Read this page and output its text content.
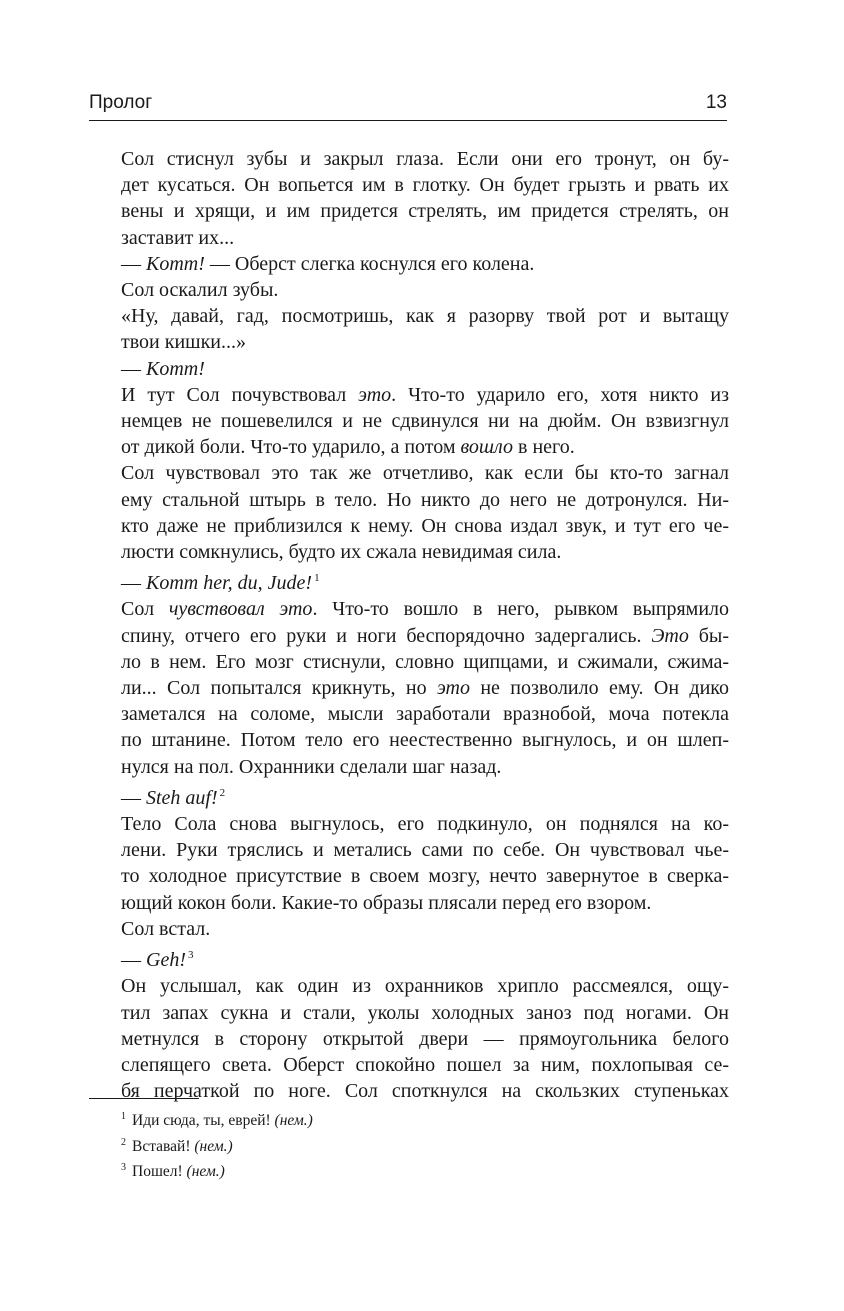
Пролог	13

Сол стиснул зубы и закрыл глаза. Если они его тронут, он бу-
дет кусаться. Он вопьется им в глотку. Он будет грызть и рвать их
вены и хрящи, и им придется стрелять, им придется стрелять, он
заставит их...

— Komm! — Оберст слегка коснулся его колена.

Сол оскалил зубы.

«Ну, давай, гад, посмотришь, как я разорву твой рот и вытащу
твои кишки...»

— Komm!

И тут Сол почувствовал это. Что-то ударило его, хотя никто из
немцев не пошевелился и не сдвинулся ни на дюйм. Он взвизгнул
от дикой боли. Что-то ударило, а потом вошло в него.

Сол чувствовал это так же отчетливо, как если бы кто-то загнал
ему стальной штырь в тело. Но никто до него не дотронулся. Ни-
кто даже не приблизился к нему. Он снова издал звук, и тут его че-
люсти сомкнулись, будто их сжала невидимая сила.

— Komm her, du, Jude! $^1$

Сол чувствовал это. Что-то вошло в него, рывком выпрямило
спину, отчего его руки и ноги беспорядочно задергались. Это бы-
ло в нем. Его мозг стиснули, словно щипцами, и сжимали, сжима-
ли... Сол попытался крикнуть, но это не позволило ему. Он дико
заметался на соломе, мысли заработали вразнобой, моча потекла
по штанине. Потом тело его неестественно выгнулось, и он шлеп-
нулся на пол. Охранники сделали шаг назад.

— Steh auf! $^2$

Тело Сола снова выгнулось, его подкинуло, он поднялся на ко-
лени. Руки тряслись и метались сами по себе. Он чувствовал чье-
то холодное присутствие в своем мозгу, нечто завернутое в сверка-
ющий кокон боли. Какие-то образы плясали перед его взором.

Сол встал.

— Geh! $^3$

Он услышал, как один из охранников хрипло рассмеялся, ощу-
тил запах сукна и стали, уколы холодных заноз под ногами. Он
метнулся в сторону открытой двери — прямоугольника белого
слепящего света. Оберст спокойно пошел за ним, похлопывая се-
бя перчаткой по ноге. Сол споткнулся на скользких ступеньках

$^1$ Иди сюда, ты, еврей! (нем.)
$^2$ Вставай! (нем.)
$^3$ Пошел! (нем.)
